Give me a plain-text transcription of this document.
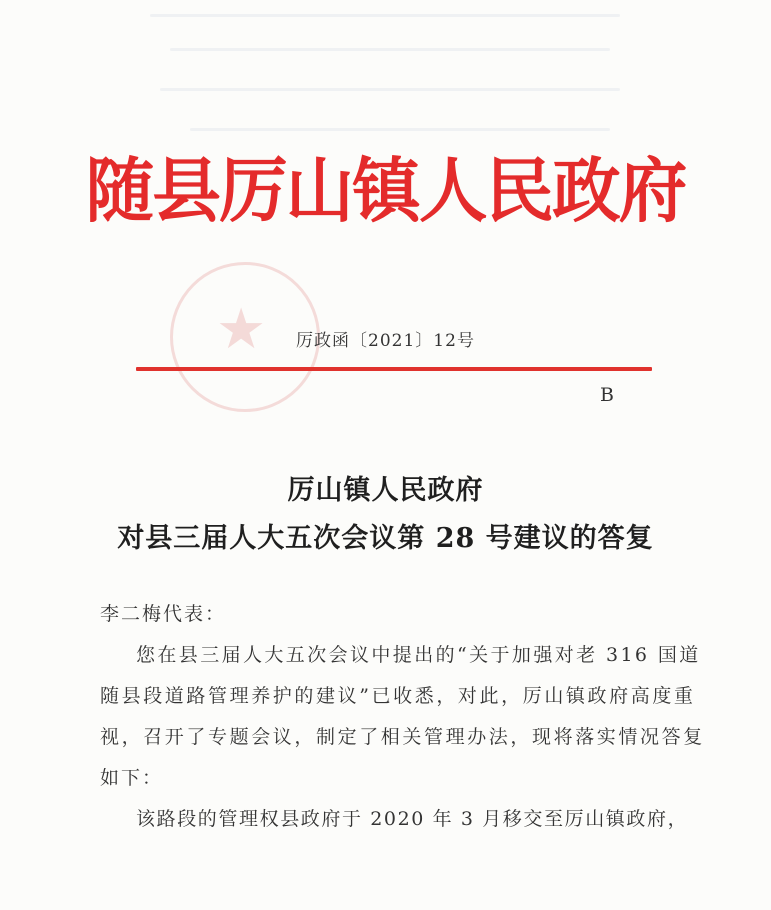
★
随县厉山镇人民政府
厉政函〔2021〕12号
B
厉山镇人民政府
对县三届人大五次会议第 28 号建议的答复
李二梅代表：
您在县三届人大五次会议中提出的“关于加强对老 316 国道
随县段道路管理养护的建议”已收悉，对此，厉山镇政府高度重
视，召开了专题会议，制定了相关管理办法，现将落实情况答复
如下：
该路段的管理权县政府于 2020 年 3 月移交至厉山镇政府，
